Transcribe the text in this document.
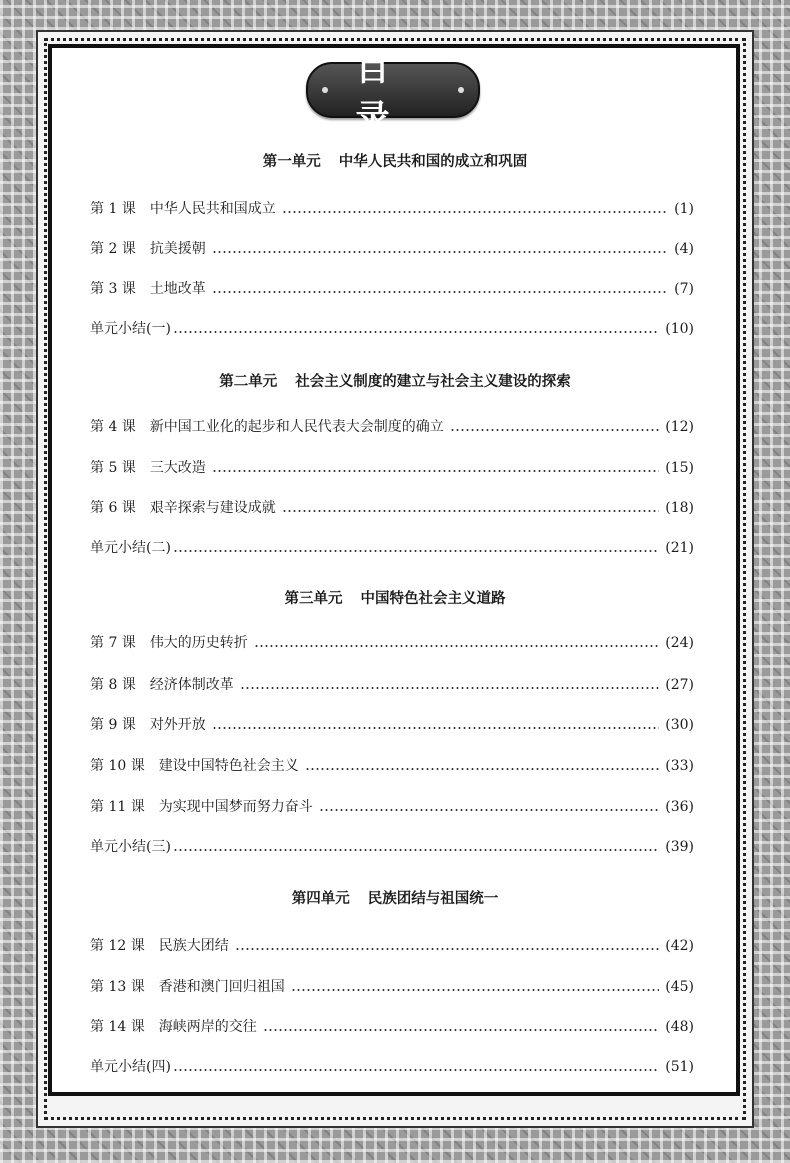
目录
第一单元 中华人民共和国的成立和巩固
第 1 课 中华人民共和国成立	(1)
第 2 课 抗美援朝	(4)
第 3 课 土地改革	(7)
单元小结(一)	(10)
第二单元 社会主义制度的建立与社会主义建设的探索
第 4 课 新中国工业化的起步和人民代表大会制度的确立	(12)
第 5 课 三大改造	(15)
第 6 课 艰辛探索与建设成就	(18)
单元小结(二)	(21)
第三单元 中国特色社会主义道路
第 7 课 伟大的历史转折	(24)
第 8 课 经济体制改革	(27)
第 9 课 对外开放	(30)
第 10 课 建设中国特色社会主义	(33)
第 11 课 为实现中国梦而努力奋斗	(36)
单元小结(三)	(39)
第四单元 民族团结与祖国统一
第 12 课 民族大团结	(42)
第 13 课 香港和澳门回归祖国	(45)
第 14 课 海峡两岸的交往	(48)
单元小结(四)	(51)
